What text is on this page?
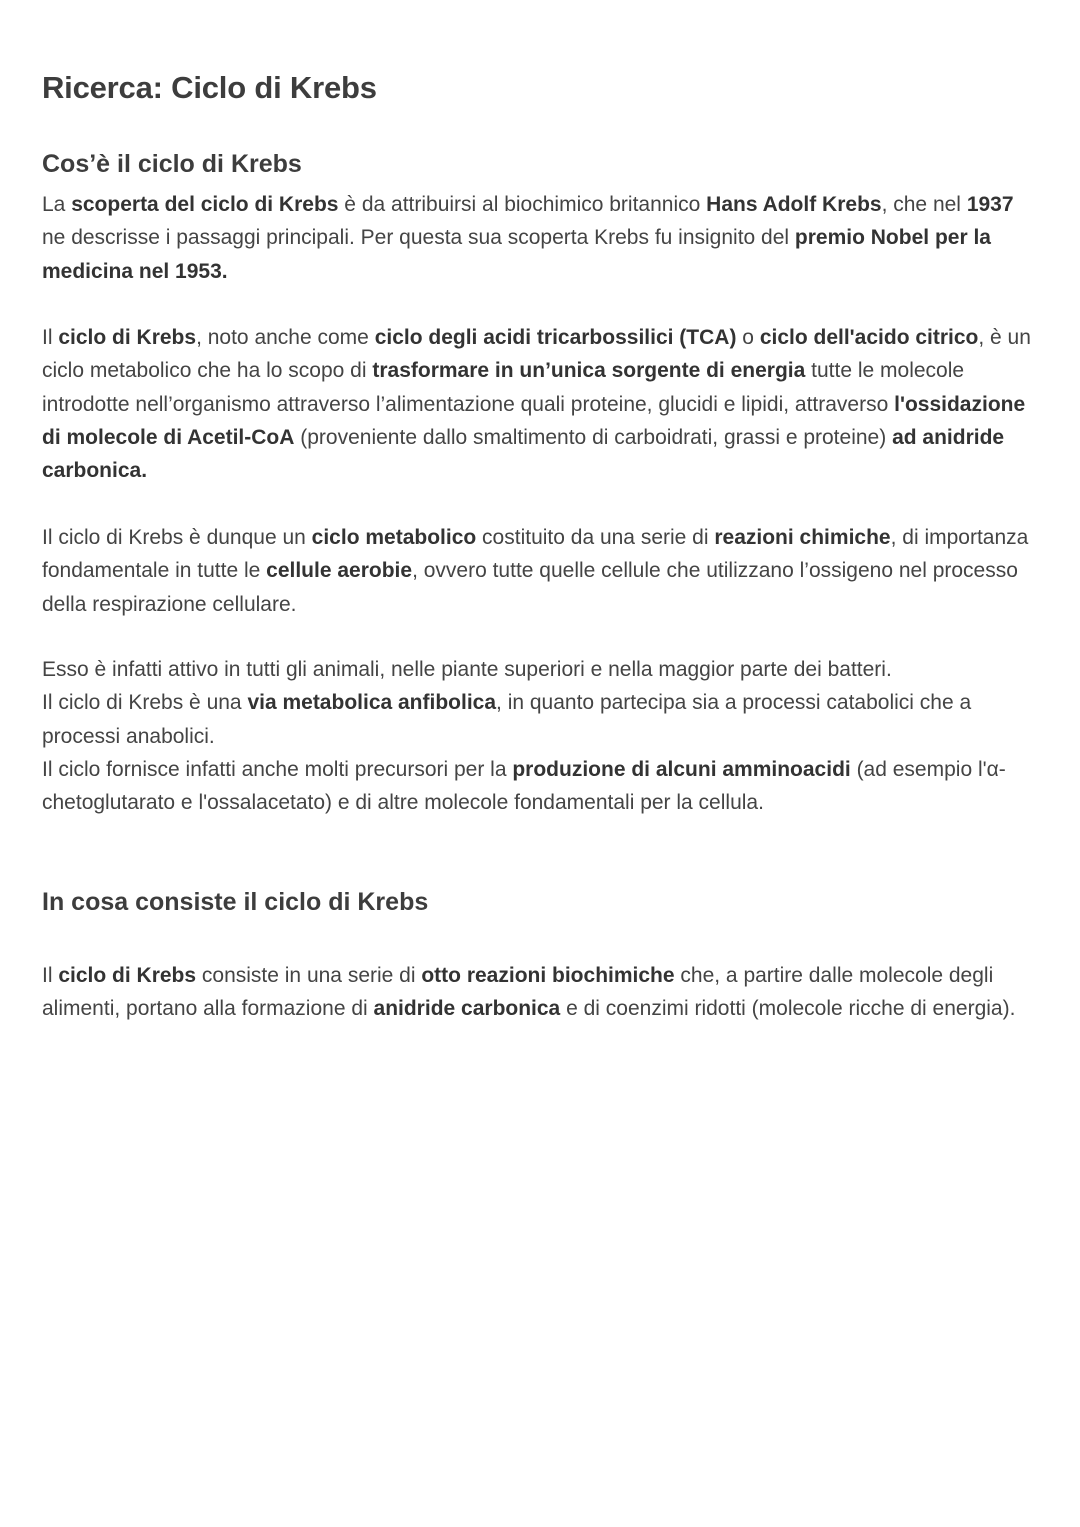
Ricerca: Ciclo di Krebs
Cos’è il ciclo di Krebs

La scoperta del ciclo di Krebs è da attribuirsi al biochimico britannico Hans Adolf Krebs, che nel 1937 ne descrisse i passaggi principali. Per questa sua scoperta Krebs fu insignito del premio Nobel per la medicina nel 1953.

Il ciclo di Krebs, noto anche come ciclo degli acidi tricarbossilici (TCA) o ciclo dell'acido citrico, è un ciclo metabolico che ha lo scopo di trasformare in un’unica sorgente di energia tutte le molecole introdotte nell’organismo attraverso l’alimentazione quali proteine, glucidi e lipidi, attraverso l'ossidazione di molecole di Acetil-CoA (proveniente dallo smaltimento di carboidrati, grassi e proteine) ad anidride carbonica.

Il ciclo di Krebs è dunque un ciclo metabolico costituito da una serie di reazioni chimiche, di importanza fondamentale in tutte le cellule aerobie, ovvero tutte quelle cellule che utilizzano l’ossigeno nel processo della respirazione cellulare.

Esso è infatti attivo in tutti gli animali, nelle piante superiori e nella maggior parte dei batteri.
Il ciclo di Krebs è una via metabolica anfibolica, in quanto partecipa sia a processi catabolici che a processi anabolici.
Il ciclo fornisce infatti anche molti precursori per la produzione di alcuni amminoacidi (ad esempio l'α-chetoglutarato e l'ossalacetato) e di altre molecole fondamentali per la cellula.

In cosa consiste il ciclo di Krebs

Il ciclo di Krebs consiste in una serie di otto reazioni biochimiche che, a partire dalle molecole degli alimenti, portano alla formazione di anidride carbonica e di coenzimi ridotti (molecole ricche di energia).
